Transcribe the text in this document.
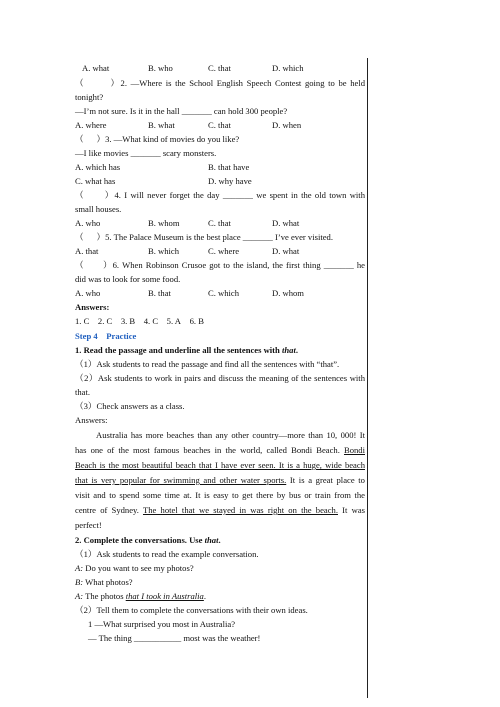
A. what	B. who	C. that	D. which
（       ）2. —Where is the School English Speech Contest going to be held
tonight?
—I’m not sure. Is it in the hall _______ can hold 300 people?
A. where	B. what	C. that	D. when
（      ）3. —What kind of movies do you like?
—I like movies _______ scary monsters.
A. which has	B. that have
C. what has	D. why have
（      ）4. I will never forget the day _______ we spent in the old town with
small houses.
A. who	B. whom	C. that	D. what
（      ）5. The Palace Museum is the best place _______ I’ve ever visited.
A. that	B. which	C. where	D. what
（      ）6. When Robinson Crusoe got to the island, the first thing _______ he
did was to look for some food.
A. who	B. that	C. which	D. whom
Answers:
1. C    2. C    3. B    4. C    5. A    6. B
Step 4    Practice
1. Read the passage and underline all the sentences with that.
（1）Ask students to read the passage and find all the sentences with “that”.
（2）Ask students to work in pairs and discuss the meaning of the sentences with
that.
（3）Check answers as a class.
Answers:
Australia has more beaches than any other country—more than 10, 000! It
has one of the most famous beaches in the world, called Bondi Beach. Bondi
Beach is the most beautiful beach that I have ever seen. It is a huge, wide beach
that is very popular for swimming and other water sports. It is a great place to
visit and to spend some time at. It is easy to get there by bus or train from the
centre of Sydney. The hotel that we stayed in was right on the beach. It was
perfect!
2. Complete the conversations. Use that.
（1）Ask students to read the example conversation.
A: Do you want to see my photos?
B: What photos?
A: The photos that I took in Australia.
（2）Tell them to complete the conversations with their own ideas.
1 —What surprised you most in Australia?
— The thing ___________ most was the weather!
